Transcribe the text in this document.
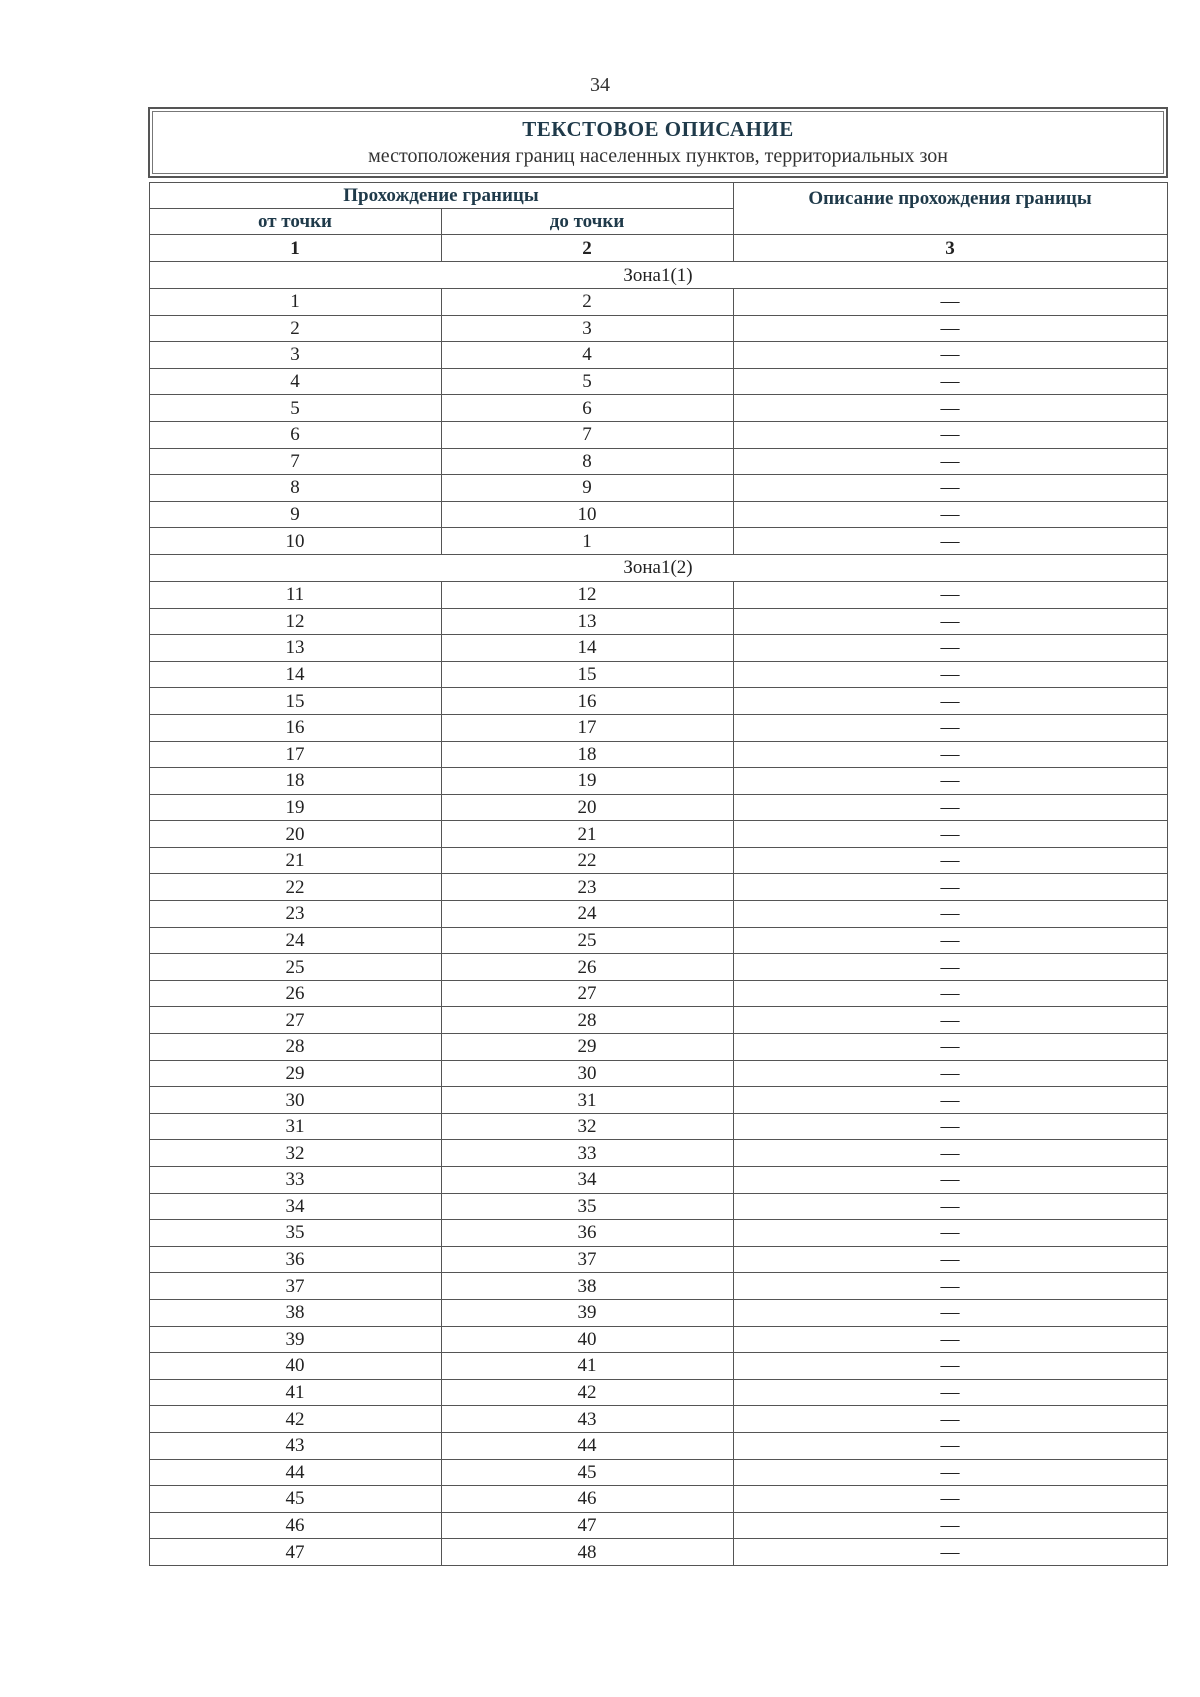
34
ТЕКСТОВОЕ ОПИСАНИЕ
местоположения границ населенных пунктов, территориальных зон		

Прохождение границы		Описание прохождения границы
от точки	до точки	
1	2	3
Зона1(1)		
1	2	—
2	3	—
3	4	—
4	5	—
5	6	—
6	7	—
7	8	—
8	9	—
9	10	—
10	1	—
Зона1(2)		
11	12	—
12	13	—
13	14	—
14	15	—
15	16	—
16	17	—
17	18	—
18	19	—
19	20	—
20	21	—
21	22	—
22	23	—
23	24	—
24	25	—
25	26	—
26	27	—
27	28	—
28	29	—
29	30	—
30	31	—
31	32	—
32	33	—
33	34	—
34	35	—
35	36	—
36	37	—
37	38	—
38	39	—
39	40	—
40	41	—
41	42	—
42	43	—
43	44	—
44	45	—
45	46	—
46	47	—
47	48	—
